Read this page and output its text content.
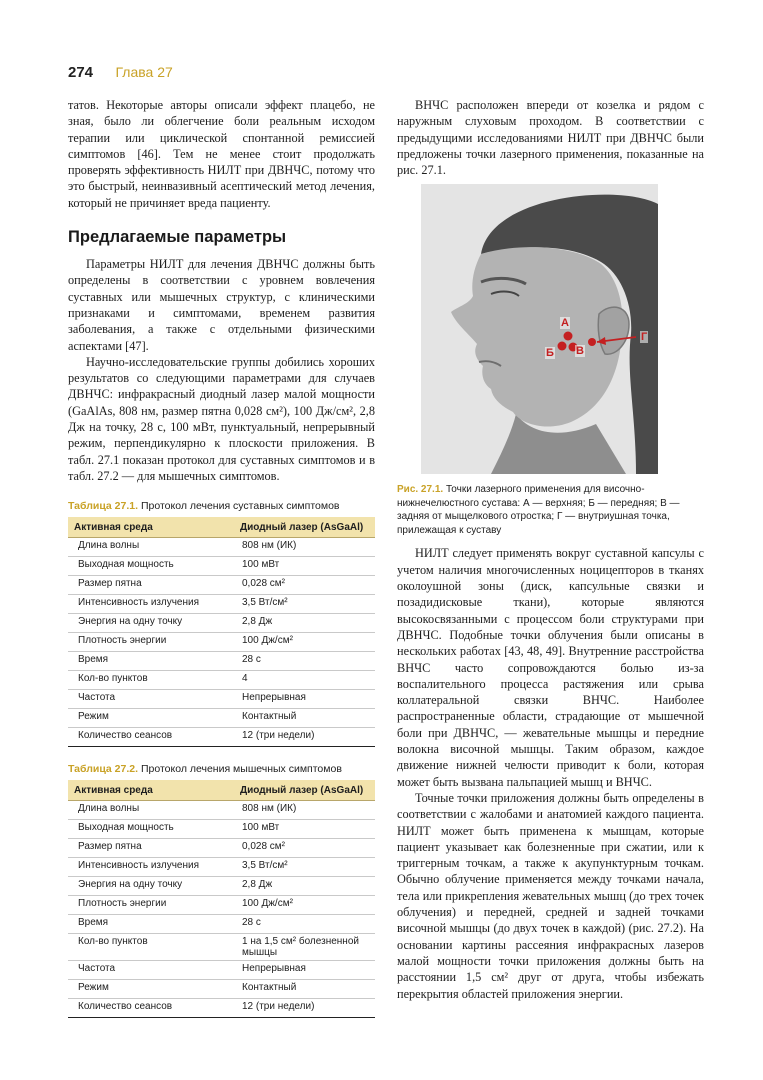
274 Глава 27

татов. Некоторые авторы описали эффект плацебо, не зная, было ли облегчение боли реальным исходом терапии или циклической спонтанной ремиссией симптомов [46]. Тем не менее стоит продолжать проверять эффективность НИЛТ при ДВНЧС, потому что это быстрый, неинвазивный асептический метод лечения, который не причиняет вреда пациенту.

Предлагаемые параметры

Параметры НИЛТ для лечения ДВНЧС должны быть определены в соответствии с уровнем вовлечения суставных или мышечных структур, с клиническими признаками и симптомами, временем развития заболевания, а также с отдельными физическими аспектами [47].

Научно-исследовательские группы добились хороших результатов со следующими параметрами для случаев ДВНЧС: инфракрасный диодный лазер малой мощности (GaAlAs, 808 нм, размер пятна 0,028 см²), 100 Дж/см², 2,8 Дж на точку, 28 с, 100 мВт, пунктуальный, непрерывный режим, перпендикулярно к плоскости приложения. В табл. 27.1 показан протокол для суставных симптомов и в табл. 27.2 — для мышечных симптомов.

Таблица 27.1. Протокол лечения суставных симптомов
Активная среда	Диодный лазер (AsGaAl)
Длина волны	808 нм (ИК)
Выходная мощность	100 мВт
Размер пятна	0,028 см²
Интенсивность излучения	3,5 Вт/см²
Энергия на одну точку	2,8 Дж
Плотность энергии	100 Дж/см²
Время	28 с
Кол-во пунктов	4
Частота	Непрерывная
Режим	Контактный
Количество сеансов	12 (три недели)
Таблица 27.2. Протокол лечения мышечных симптомов
Активная среда	Диодный лазер (AsGaAl)
Длина волны	808 нм (ИК)
Выходная мощность	100 мВт
Размер пятна	0,028 см²
Интенсивность излучения	3,5 Вт/см²
Энергия на одну точку	2,8 Дж
Плотность энергии	100 Дж/см²
Время	28 с
Кол-во пунктов	1 на 1,5 см² болезненной мышцы
Частота	Непрерывная
Режим	Контактный
Количество сеансов	12 (три недели)

ВНЧС расположен впереди от козелка и рядом с наружным слуховым проходом. В соответствии с предыдущими исследованиями НИЛТ при ДВНЧС были предложены точки лазерного применения, показанные на рис. 27.1.

А
Б В
Г
Рис. 27.1. Точки лазерного применения для височно-нижнечелюстного сустава: А — верхняя; Б — передняя; В — задняя от мыщелкового отростка; Г — внутриушная точка, прилежащая к суставу

НИЛТ следует применять вокруг суставной капсулы с учетом наличия многочисленных ноцицепторов в тканях околоушной зоны (диск, капсульные связки и позадидисковые ткани), которые являются высокосвязанными с процессом боли структурами при ДВНЧС. Подобные точки облучения были описаны в нескольких работах [43, 48, 49]. Внутренние расстройства ВНЧС часто сопровождаются болью из-за воспалительного процесса растяжения или срыва коллатеральной связки ВНЧС. Наиболее распространенные области, страдающие от мышечной боли при ДВНЧС, — жевательные мышцы и передние волокна височной мышцы. Таким образом, каждое движение нижней челюсти приводит к боли, которая может быть вызвана пальпацией мышц и ВНЧС.

Точные точки приложения должны быть определены в соответствии с жалобами и анатомией каждого пациента. НИЛТ может быть применена к мышцам, которые пациент указывает как болезненные при сжатии, или к триггерным точкам, а также к акупунктурным точкам. Обычно облучение применяется между точками начала, тела или прикрепления жевательных мышц (до трех точек облучения) и передней, средней и задней точками височной мышцы (до двух точек в каждой) (рис. 27.2). На основании картины рассеяния инфракрасных лазеров малой мощности точки приложения должны быть на расстоянии 1,5 см² друг от друга, чтобы избежать перекрытия областей приложения энергии.
